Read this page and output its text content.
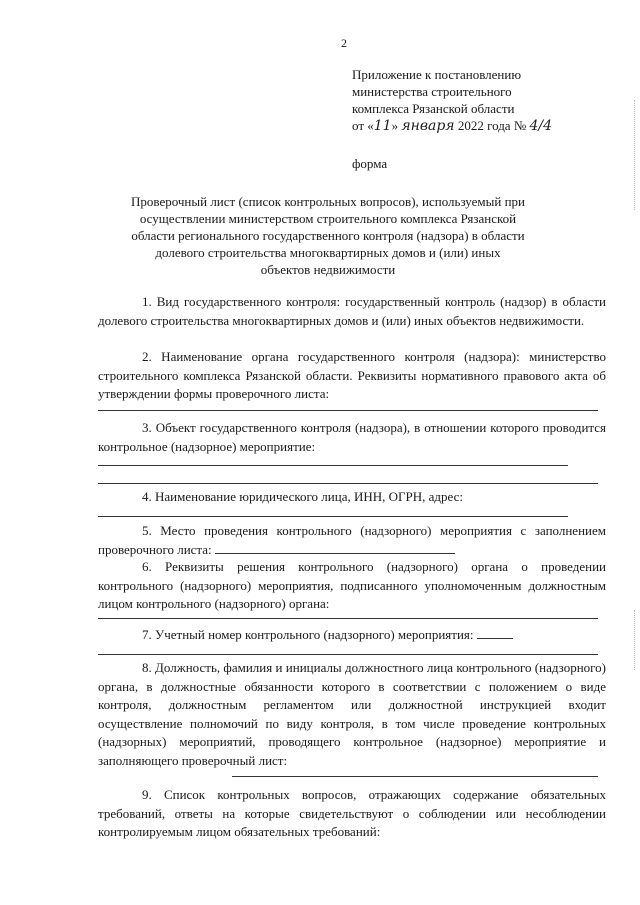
2
Приложение к постановлению
министерства строительного
комплекса Рязанской области
от «11» января 2022 года № 4/4
форма
Проверочный лист (список контрольных вопросов), используемый при
осуществлении министерством строительного комплекса Рязанской
области регионального государственного контроля (надзора) в области
долевого строительства многоквартирных домов и (или) иных
объектов недвижимости

1. Вид государственного контроля: государственный контроль (надзор) в области долевого строительства многоквартирных домов и (или) иных объектов недвижимости.

2. Наименование органа государственного контроля (надзора): министерство строительного комплекса Рязанской области. Реквизиты нормативного правового акта об утверждении формы проверочного листа:

3. Объект государственного контроля (надзора), в отношении которого проводится контрольное (надзорное) мероприятие:

4. Наименование юридического лица, ИНН, ОГРН, адрес:

5. Место проведения контрольного (надзорного) мероприятия с заполнением проверочного листа:

6. Реквизиты решения контрольного (надзорного) органа о проведении контрольного (надзорного) мероприятия, подписанного уполномоченным должностным лицом контрольного (надзорного) органа:

7. Учетный номер контрольного (надзорного) мероприятия:

8. Должность, фамилия и инициалы должностного лица контрольного (надзорного) органа, в должностные обязанности которого в соответствии с положением о виде контроля, должностным регламентом или должностной инструкцией входит осуществление полномочий по виду контроля, в том числе проведение контрольных (надзорных) мероприятий, проводящего контрольное (надзорное) мероприятие и заполняющего проверочный лист:

9. Список контрольных вопросов, отражающих содержание обязательных требований, ответы на которые свидетельствуют о соблюдении или несоблюдении контролируемым лицом обязательных требований:
